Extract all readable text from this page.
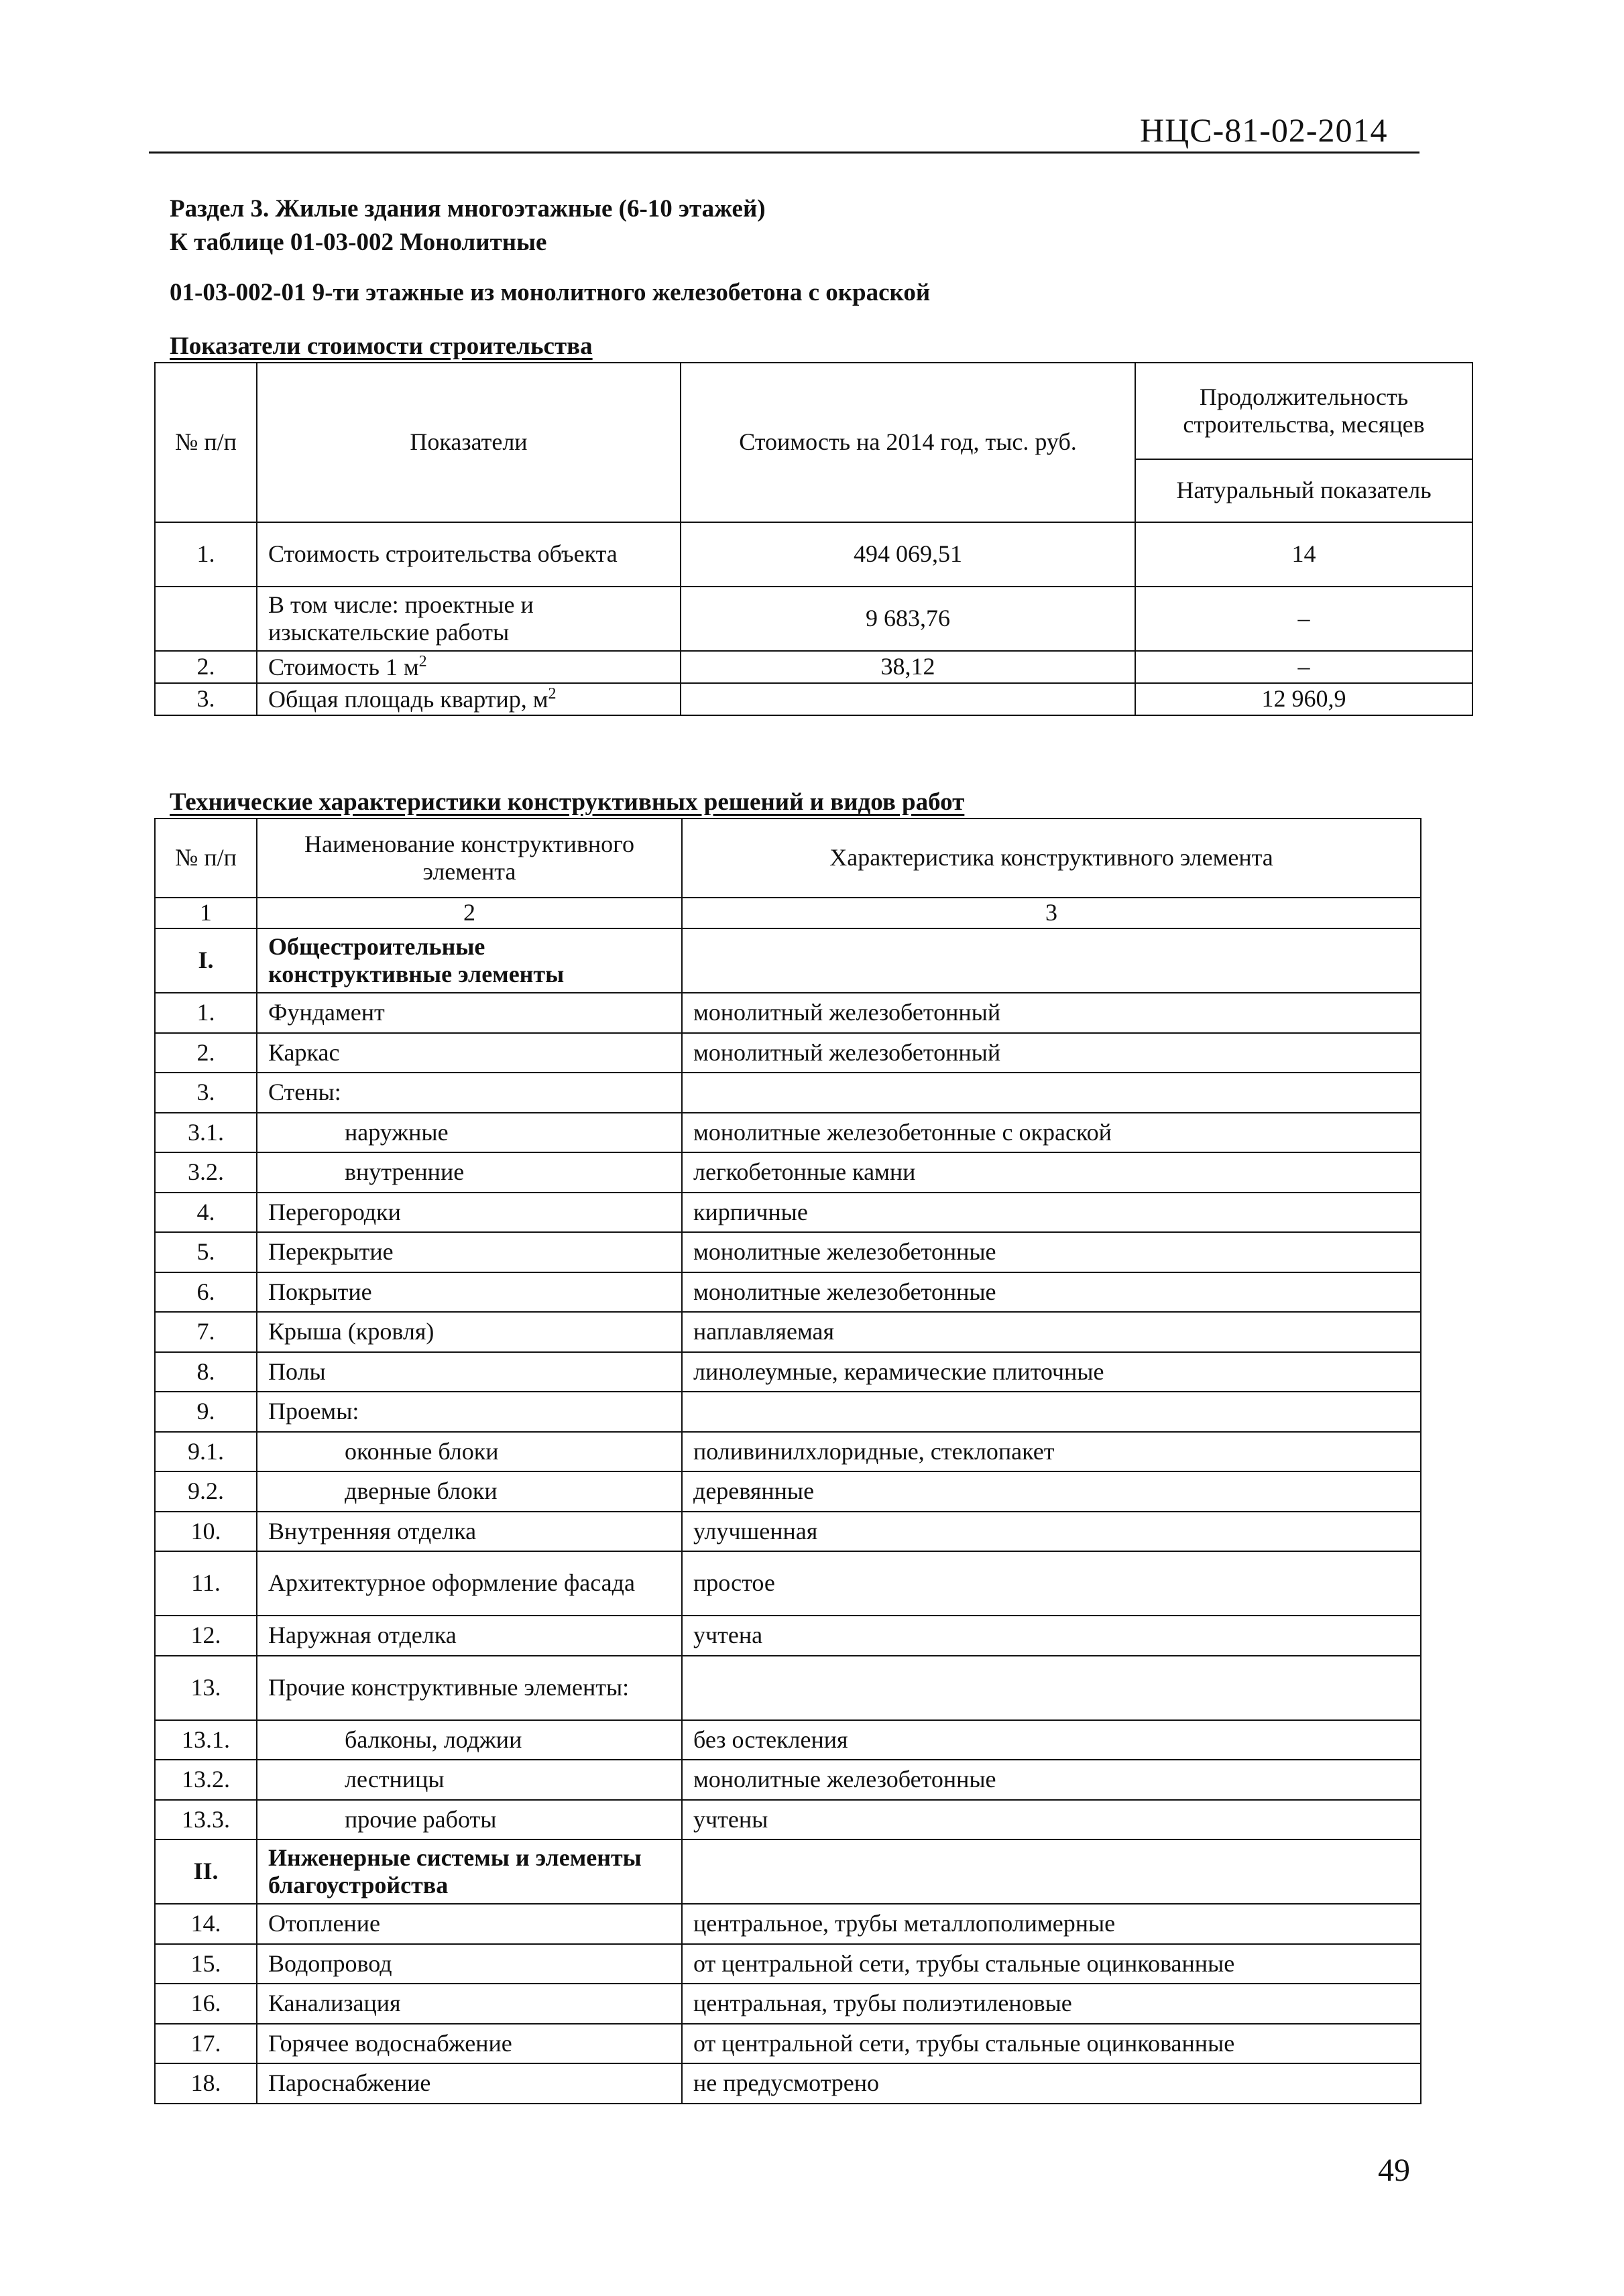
НЦС-81-02-2014
Раздел 3. Жилые здания многоэтажные (6-10 этажей)
К таблице 01-03-002 Монолитные
01-03-002-01 9-ти этажные из монолитного железобетона с окраской
Показатели стоимости строительства
№ п/п	Показатели	Стоимость на 2014 год, тыс. руб.	Продолжительность строительства, месяцев
			Натуральный показатель
1.	Стоимость строительства объекта	494 069,51	14
	В том числе: проектные и изыскательские работы	9 683,76	–
2.	Стоимость 1 $м^2$	38,12	–
3.	Общая площадь квартир, $м^2$		12 960,9
Технические характеристики конструктивных решений и видов работ
№ п/п	Наименование конструктивного элемента	Характеристика конструктивного элемента
1	2	3
I.	Общестроительные конструктивные элементы	
1.	Фундамент	монолитный железобетонный
2.	Каркас	монолитный железобетонный
3.	Стены:	
3.1.	наружные	монолитные железобетонные с окраской
3.2.	внутренние	легкобетонные камни
4.	Перегородки	кирпичные
5.	Перекрытие	монолитные железобетонные
6.	Покрытие	монолитные железобетонные
7.	Крыша (кровля)	наплавляемая
8.	Полы	линолеумные, керамические плиточные
9.	Проемы:	
9.1.	оконные блоки	поливинилхлоридные, стеклопакет
9.2.	дверные блоки	деревянные
10.	Внутренняя отделка	улучшенная
11.	Архитектурное оформление фасада	простое
12.	Наружная отделка	учтена
13.	Прочие конструктивные элементы:	
13.1.	балконы, лоджии	без остекления
13.2.	лестницы	монолитные железобетонные
13.3.	прочие работы	учтены
II.	Инженерные системы и элементы благоустройства	
14.	Отопление	центральное, трубы металлополимерные
15.	Водопровод	от центральной сети, трубы стальные оцинкованные
16.	Канализация	центральная, трубы полиэтиленовые
17.	Горячее водоснабжение	от центральной сети, трубы стальные оцинкованные
18.	Пароснабжение	не предусмотрено
49
